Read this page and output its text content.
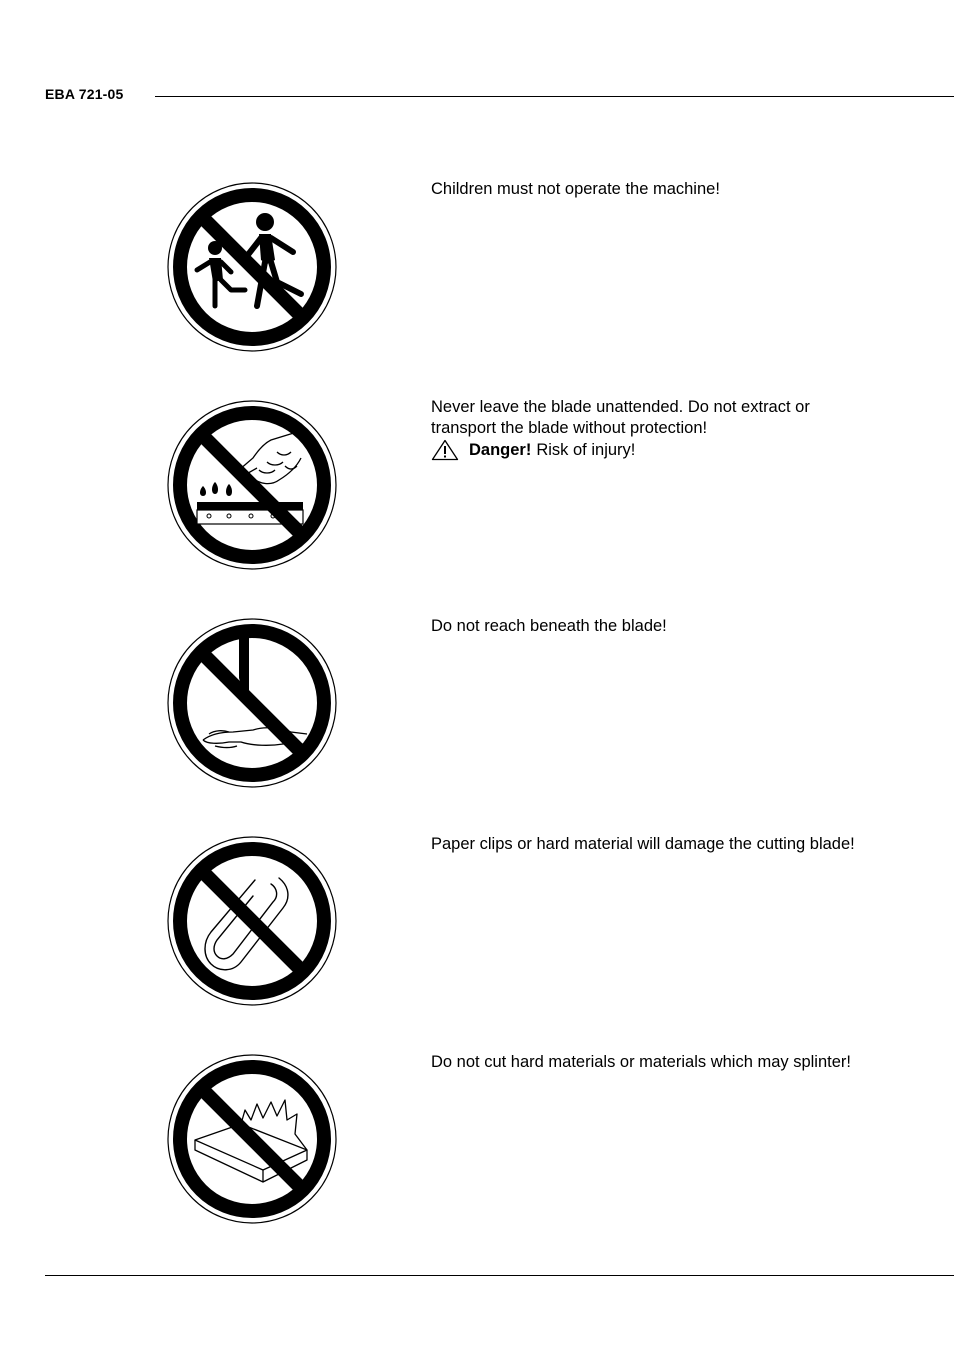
EBA 721-05

Children must not operate the machine!

Never leave the blade unattended. Do not extract or

transport the blade without protection!

Danger! Risk of injury!

Do not reach beneath the blade!

Paper clips or hard material will damage the cutting blade!

Do not cut hard materials or materials which may splinter!
